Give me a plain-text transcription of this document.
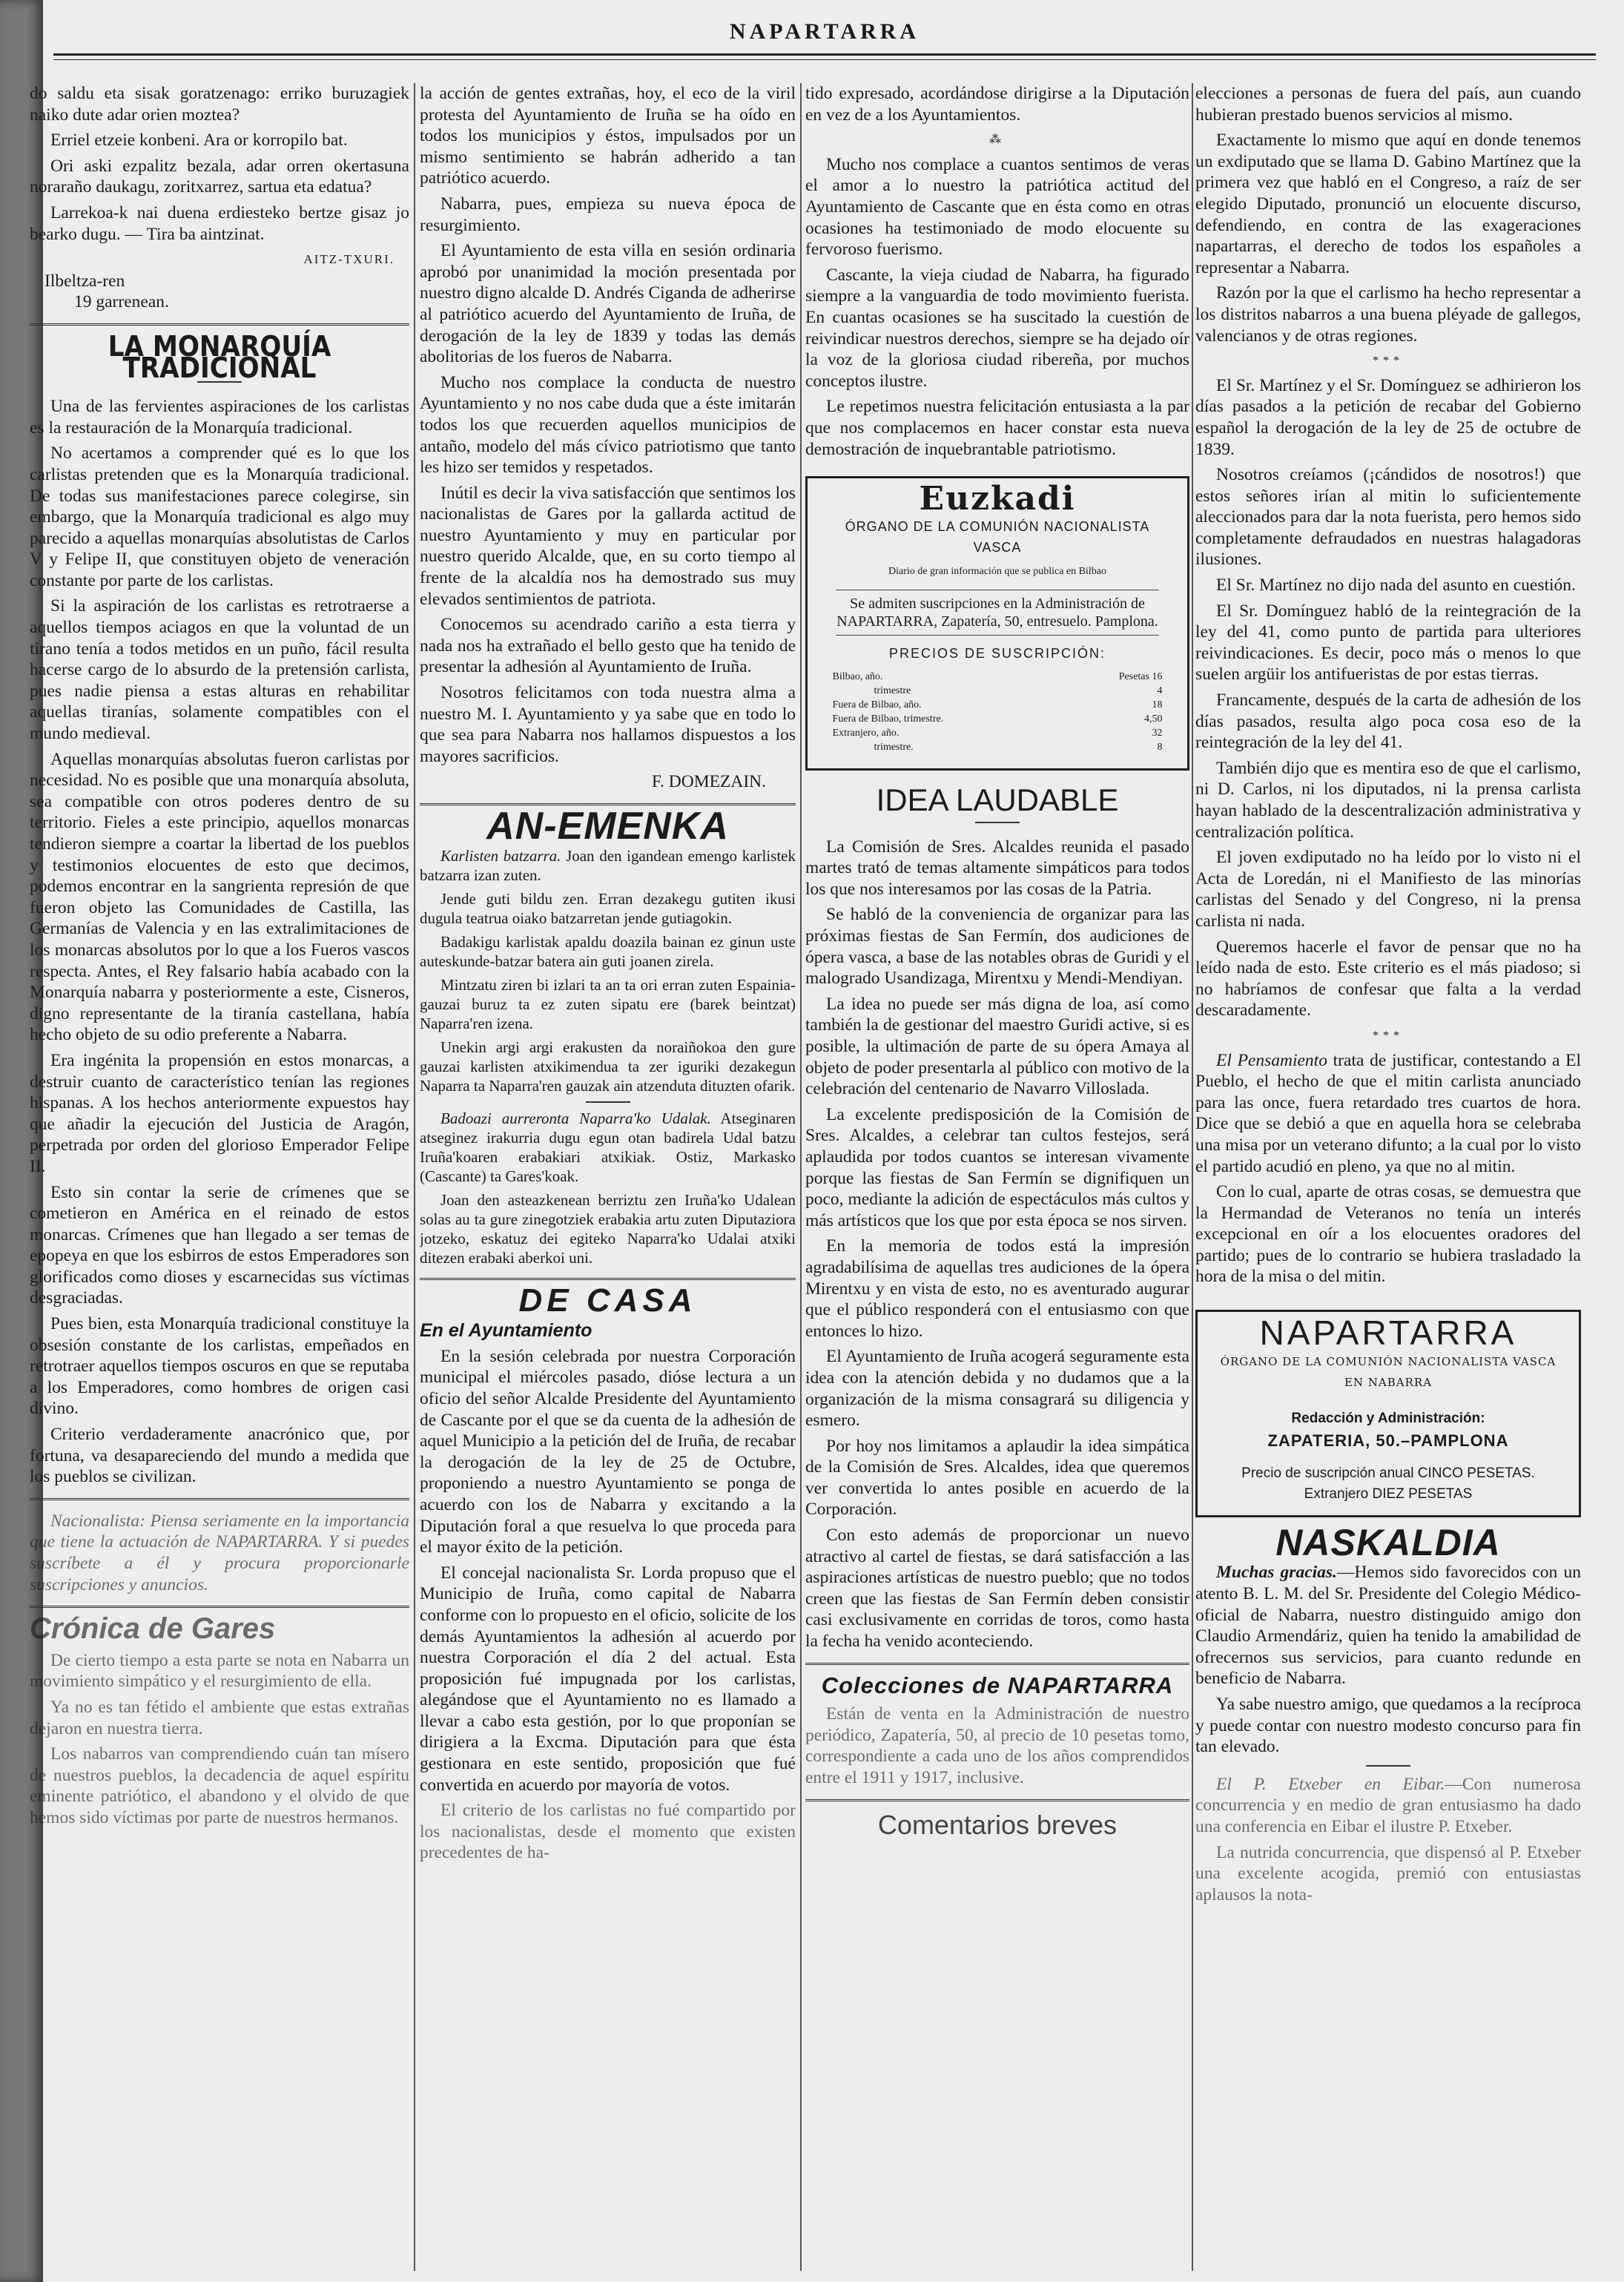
NAPARTARRA

do saldu eta sisak goratzenago: erriko buruzagiek naiko dute adar orien moztea?

Erriel etzeie konbeni. Ara or korropilo bat.

Ori aski ezpalitz bezala, adar orren okertasuna noraraño daukagu, zoritxarrez, sartua eta edatua?

Larrekoa-k nai duena erdiesteko bertze gisaz jo bearko dugu. — Tira ba aintzinat.

AITZ-TXURI.
Ilbeltza-ren
19 garrenean.
LA MONARQUÍA TRADICIONAL

Una de las fervientes aspiraciones de los carlistas es la restauración de la Monarquía tradicional.

No acertamos a comprender qué es lo que los carlistas pretenden que es la Monarquía tradicional. De todas sus manifestaciones parece colegirse, sin embargo, que la Monarquía tradicional es algo muy parecido a aquellas monarquías absolutistas de Carlos V y Felipe II, que constituyen objeto de veneración constante por parte de los carlistas.

Si la aspiración de los carlistas es retrotraerse a aquellos tiempos aciagos en que la voluntad de un tirano tenía a todos metidos en un puño, fácil resulta hacerse cargo de lo absurdo de la pretensión carlista, pues nadie piensa a estas alturas en rehabilitar aquellas tiranías, solamente compatibles con el mundo medieval.

Aquellas monarquías absolutas fueron carlistas por necesidad. No es posible que una monarquía absoluta, sea compatible con otros poderes dentro de su territorio. Fieles a este principio, aquellos monarcas tendieron siempre a coartar la libertad de los pueblos y testimonios elocuentes de esto que decimos, podemos encontrar en la sangrienta represión de que fueron objeto las Comunidades de Castilla, las Germanías de Valencia y en las extralimitaciones de los monarcas absolutos por lo que a los Fueros vascos respecta. Antes, el Rey falsario había acabado con la Monarquía nabarra y posteriormente a este, Cisneros, digno representante de la tiranía castellana, había hecho objeto de su odio preferente a Nabarra.

Era ingénita la propensión en estos monarcas, a destruir cuanto de característico tenían las regiones hispanas. A los hechos anteriormente expuestos hay que añadir la ejecución del Justicia de Aragón, perpetrada por orden del glorioso Emperador Felipe II.

Esto sin contar la serie de crímenes que se cometieron en América en el reinado de estos monarcas. Crímenes que han llegado a ser temas de epopeya en que los esbirros de estos Emperadores son glorificados como dioses y escarnecidas sus víctimas desgraciadas.

Pues bien, esta Monarquía tradicional constituye la obsesión constante de los carlistas, empeñados en retrotraer aquellos tiempos oscuros en que se reputaba a los Emperadores, como hombres de origen casi divino.

Criterio verdaderamente anacrónico que, por fortuna, va desapareciendo del mundo a medida que los pueblos se civilizan.

Nacionalista: Piensa seriamente en la importancia que tiene la actuación de NAPARTARRA. Y si puedes suscríbete a él y procura proporcionarle suscripciones y anuncios.

Crónica de Gares

De cierto tiempo a esta parte se nota en Nabarra un movimiento simpático y el resurgimiento de ella.

Ya no es tan fétido el ambiente que estas extrañas dejaron en nuestra tierra.

Los nabarros van comprendiendo cuán tan mísero de nuestros pueblos, la decadencia de aquel espíritu eminente patriótico, el abandono y el olvido de que hemos sido víctimas por parte de nuestros hermanos.

la acción de gentes extrañas, hoy, el eco de la viril protesta del Ayuntamiento de Iruña se ha oído en todos los municipios y éstos, impulsados por un mismo sentimiento se habrán adherido a tan patriótico acuerdo.

Nabarra, pues, empieza su nueva época de resurgimiento.

El Ayuntamiento de esta villa en sesión ordinaria aprobó por unanimidad la moción presentada por nuestro digno alcalde D. Andrés Ciganda de adherirse al patriótico acuerdo del Ayuntamiento de Iruña, de derogación de la ley de 1839 y todas las demás abolitorias de los fueros de Nabarra.

Mucho nos complace la conducta de nuestro Ayuntamiento y no nos cabe duda que a éste imitarán todos los que recuerden aquellos municipios de antaño, modelo del más cívico patriotismo que tanto les hizo ser temidos y respetados.

Inútil es decir la viva satisfacción que sentimos los nacionalistas de Gares por la gallarda actitud de nuestro Ayuntamiento y muy en particular por nuestro querido Alcalde, que, en su corto tiempo al frente de la alcaldía nos ha demostrado sus muy elevados sentimientos de patriota.

Conocemos su acendrado cariño a esta tierra y nada nos ha extrañado el bello gesto que ha tenido de presentar la adhesión al Ayuntamiento de Iruña.

Nosotros felicitamos con toda nuestra alma a nuestro M. I. Ayuntamiento y ya sabe que en todo lo que sea para Nabarra nos hallamos dispuestos a los mayores sacrificios.

F. DOMEZAIN.
AN-EMENKA

Karlisten batzarra. Joan den igandean emengo karlistek batzarra izan zuten.

Jende guti bildu zen. Erran dezakegu gutiten ikusi dugula teatrua oiako batzarretan jende gutiagokin.

Badakigu karlistak apaldu doazila bainan ez ginun uste auteskunde-batzar batera ain guti joanen zirela.

Mintzatu ziren bi izlari ta an ta ori erran zuten Espainia-gauzai buruz ta ez zuten sipatu ere (barek beintzat) Naparra'ren izena.

Unekin argi argi erakusten da noraiñokoa den gure gauzai karlisten atxikimendua ta zer iguriki dezakegun Naparra ta Naparra'ren gauzak ain atzenduta dituzten ofarik.

Badoazi aurreronta Naparra'ko Udalak. Atseginaren atseginez irakurria dugu egun otan badirela Udal batzu Iruña'koaren erabakiari atxikiak. Ostiz, Markasko (Cascante) ta Gares'koak.

Joan den asteazkenean berriztu zen Iruña'ko Udalean solas au ta gure zinegotziek erabakia artu zuten Diputaziora jotzeko, eskatuz dei egiteko Naparra'ko Udalai atxiki ditezen erabaki aberkoi uni.

DE CASA
En el Ayuntamiento

En la sesión celebrada por nuestra Corporación municipal el miércoles pasado, dióse lectura a un oficio del señor Alcalde Presidente del Ayuntamiento de Cascante por el que se da cuenta de la adhesión de aquel Municipio a la petición del de Iruña, de recabar la derogación de la ley de 25 de Octubre, proponiendo a nuestro Ayuntamiento se ponga de acuerdo con los de Nabarra y excitando a la Diputación foral a que resuelva lo que proceda para el mayor éxito de la petición.

El concejal nacionalista Sr. Lorda propuso que el Municipio de Iruña, como capital de Nabarra conforme con lo propuesto en el oficio, solicite de los demás Ayuntamientos la adhesión al acuerdo por nuestra Corporación el día 2 del actual. Esta proposición fué impugnada por los carlistas, alegándose que el Ayuntamiento no es llamado a llevar a cabo esta gestión, por lo que proponían se dirigiera a la Excma. Diputación para que ésta gestionara en este sentido, proposición que fué convertida en acuerdo por mayoría de votos.

El criterio de los carlistas no fué compartido por los nacionalistas, desde el momento que existen precedentes de ha-

tido expresado, acordándose dirigirse a la Diputación en vez de a los Ayuntamientos.

⁂

Mucho nos complace a cuantos sentimos de veras el amor a lo nuestro la patriótica actitud del Ayuntamiento de Cascante que en ésta como en otras ocasiones ha testimoniado de modo elocuente su fervoroso fuerismo.

Cascante, la vieja ciudad de Nabarra, ha figurado siempre a la vanguardia de todo movimiento fuerista. En cuantas ocasiones se ha suscitado la cuestión de reivindicar nuestros derechos, siempre se ha dejado oír la voz de la gloriosa ciudad ribereña, por muchos conceptos ilustre.

Le repetimos nuestra felicitación entusiasta a la par que nos complacemos en hacer constar esta nueva demostración de inquebrantable patriotismo.

Euzkadi
ÓRGANO DE LA COMUNIÓN NACIONALISTA VASCA
Diario de gran información que se publica en Bilbao
Se admiten suscripciones en la Administración de NAPARTARRA, Zapatería, 50, entresuelo. Pamplona.
PRECIOS DE SUSCRIPCIÓN:
Bilbao, año.	Pesetas 16
trimestre	4
Fuera de Bilbao, año.	18
Fuera de Bilbao, trimestre.	4,50
Extranjero, año.	32
trimestre.	8
IDEA LAUDABLE

La Comisión de Sres. Alcaldes reunida el pasado martes trató de temas altamente simpáticos para todos los que nos interesamos por las cosas de la Patria.

Se habló de la conveniencia de organizar para las próximas fiestas de San Fermín, dos audiciones de ópera vasca, a base de las notables obras de Guridi y el malogrado Usandizaga, Mirentxu y Mendi-Mendiyan.

La idea no puede ser más digna de loa, así como también la de gestionar del maestro Guridi active, si es posible, la ultimación de parte de su ópera Amaya al objeto de poder presentarla al público con motivo de la celebración del centenario de Navarro Villoslada.

La excelente predisposición de la Comisión de Sres. Alcaldes, a celebrar tan cultos festejos, será aplaudida por todos cuantos se interesan vivamente porque las fiestas de San Fermín se dignifiquen un poco, mediante la adición de espectáculos más cultos y más artísticos que los que por esta época se nos sirven.

En la memoria de todos está la impresión agradabilísima de aquellas tres audiciones de la ópera Mirentxu y en vista de esto, no es aventurado augurar que el público responderá con el entusiasmo con que entonces lo hizo.

El Ayuntamiento de Iruña acogerá seguramente esta idea con la atención debida y no dudamos que a la organización de la misma consagrará su diligencia y esmero.

Por hoy nos limitamos a aplaudir la idea simpática de la Comisión de Sres. Alcaldes, idea que queremos ver convertida lo antes posible en acuerdo de la Corporación.

Con esto además de proporcionar un nuevo atractivo al cartel de fiestas, se dará satisfacción a las aspiraciones artísticas de nuestro pueblo; que no todos creen que las fiestas de San Fermín deben consistir casi exclusivamente en corridas de toros, como hasta la fecha ha venido aconteciendo.

Colecciones de NAPARTARRA

Están de venta en la Administración de nuestro periódico, Zapatería, 50, al precio de 10 pesetas tomo, correspondiente a cada uno de los años comprendidos entre el 1911 y 1917, inclusive.

Comentarios breves

elecciones a personas de fuera del país, aun cuando hubieran prestado buenos servicios al mismo.

Exactamente lo mismo que aquí en donde tenemos un exdiputado que se llama D. Gabino Martínez que la primera vez que habló en el Congreso, a raíz de ser elegido Diputado, pronunció un elocuente discurso, defendiendo, en contra de las exageraciones napartarras, el derecho de todos los españoles a representar a Nabarra.

Razón por la que el carlismo ha hecho representar a los distritos nabarros a una buena pléyade de gallegos, valencianos y de otras regiones.

***

El Sr. Martínez y el Sr. Domínguez se adhirieron los días pasados a la petición de recabar del Gobierno español la derogación de la ley de 25 de octubre de 1839.

Nosotros creíamos (¡cándidos de nosotros!) que estos señores irían al mitin lo suficientemente aleccionados para dar la nota fuerista, pero hemos sido completamente defraudados en nuestras halagadoras ilusiones.

El Sr. Martínez no dijo nada del asunto en cuestión.

El Sr. Domínguez habló de la reintegración de la ley del 41, como punto de partida para ulteriores reivindicaciones. Es decir, poco más o menos lo que suelen argüir los antifueristas de por estas tierras.

Francamente, después de la carta de adhesión de los días pasados, resulta algo poca cosa eso de la reintegración de la ley del 41.

También dijo que es mentira eso de que el carlismo, ni D. Carlos, ni los diputados, ni la prensa carlista hayan hablado de la descentralización administrativa y centralización política.

El joven exdiputado no ha leído por lo visto ni el Acta de Loredán, ni el Manifiesto de las minorías carlistas del Senado y del Congreso, ni la prensa carlista ni nada.

Queremos hacerle el favor de pensar que no ha leído nada de esto. Este criterio es el más piadoso; si no habríamos de confesar que falta a la verdad descaradamente.

***

El Pensamiento trata de justificar, contestando a El Pueblo, el hecho de que el mitin carlista anunciado para las once, fuera retardado tres cuartos de hora. Dice que se debió a que en aquella hora se celebraba una misa por un veterano difunto; a la cual por lo visto el partido acudió en pleno, ya que no al mitin.

Con lo cual, aparte de otras cosas, se demuestra que la Hermandad de Veteranos no tenía un interés excepcional en oír a los elocuentes oradores del partido; pues de lo contrario se hubiera trasladado la hora de la misa o del mitin.

NAPARTARRA
ÓRGANO DE LA COMUNIÓN NACIONALISTA VASCA EN NABARRA
Redacción y Administración:
ZAPATERIA, 50.–PAMPLONA
Precio de suscripción anual CINCO PESETAS. Extranjero DIEZ PESETAS
NASKALDIA

Muchas gracias.—Hemos sido favorecidos con un atento B. L. M. del Sr. Presidente del Colegio Médico-oficial de Nabarra, nuestro distinguido amigo don Claudio Armendáriz, quien ha tenido la amabilidad de ofrecernos sus servicios, para cuanto redunde en beneficio de Nabarra.

Ya sabe nuestro amigo, que quedamos a la recíproca y puede contar con nuestro modesto concurso para fin tan elevado.

El P. Etxeber en Eibar.—Con numerosa concurrencia y en medio de gran entusiasmo ha dado una conferencia en Eibar el ilustre P. Etxeber.

La nutrida concurrencia, que dispensó al P. Etxeber una excelente acogida, premió con entusiastas aplausos la nota-
